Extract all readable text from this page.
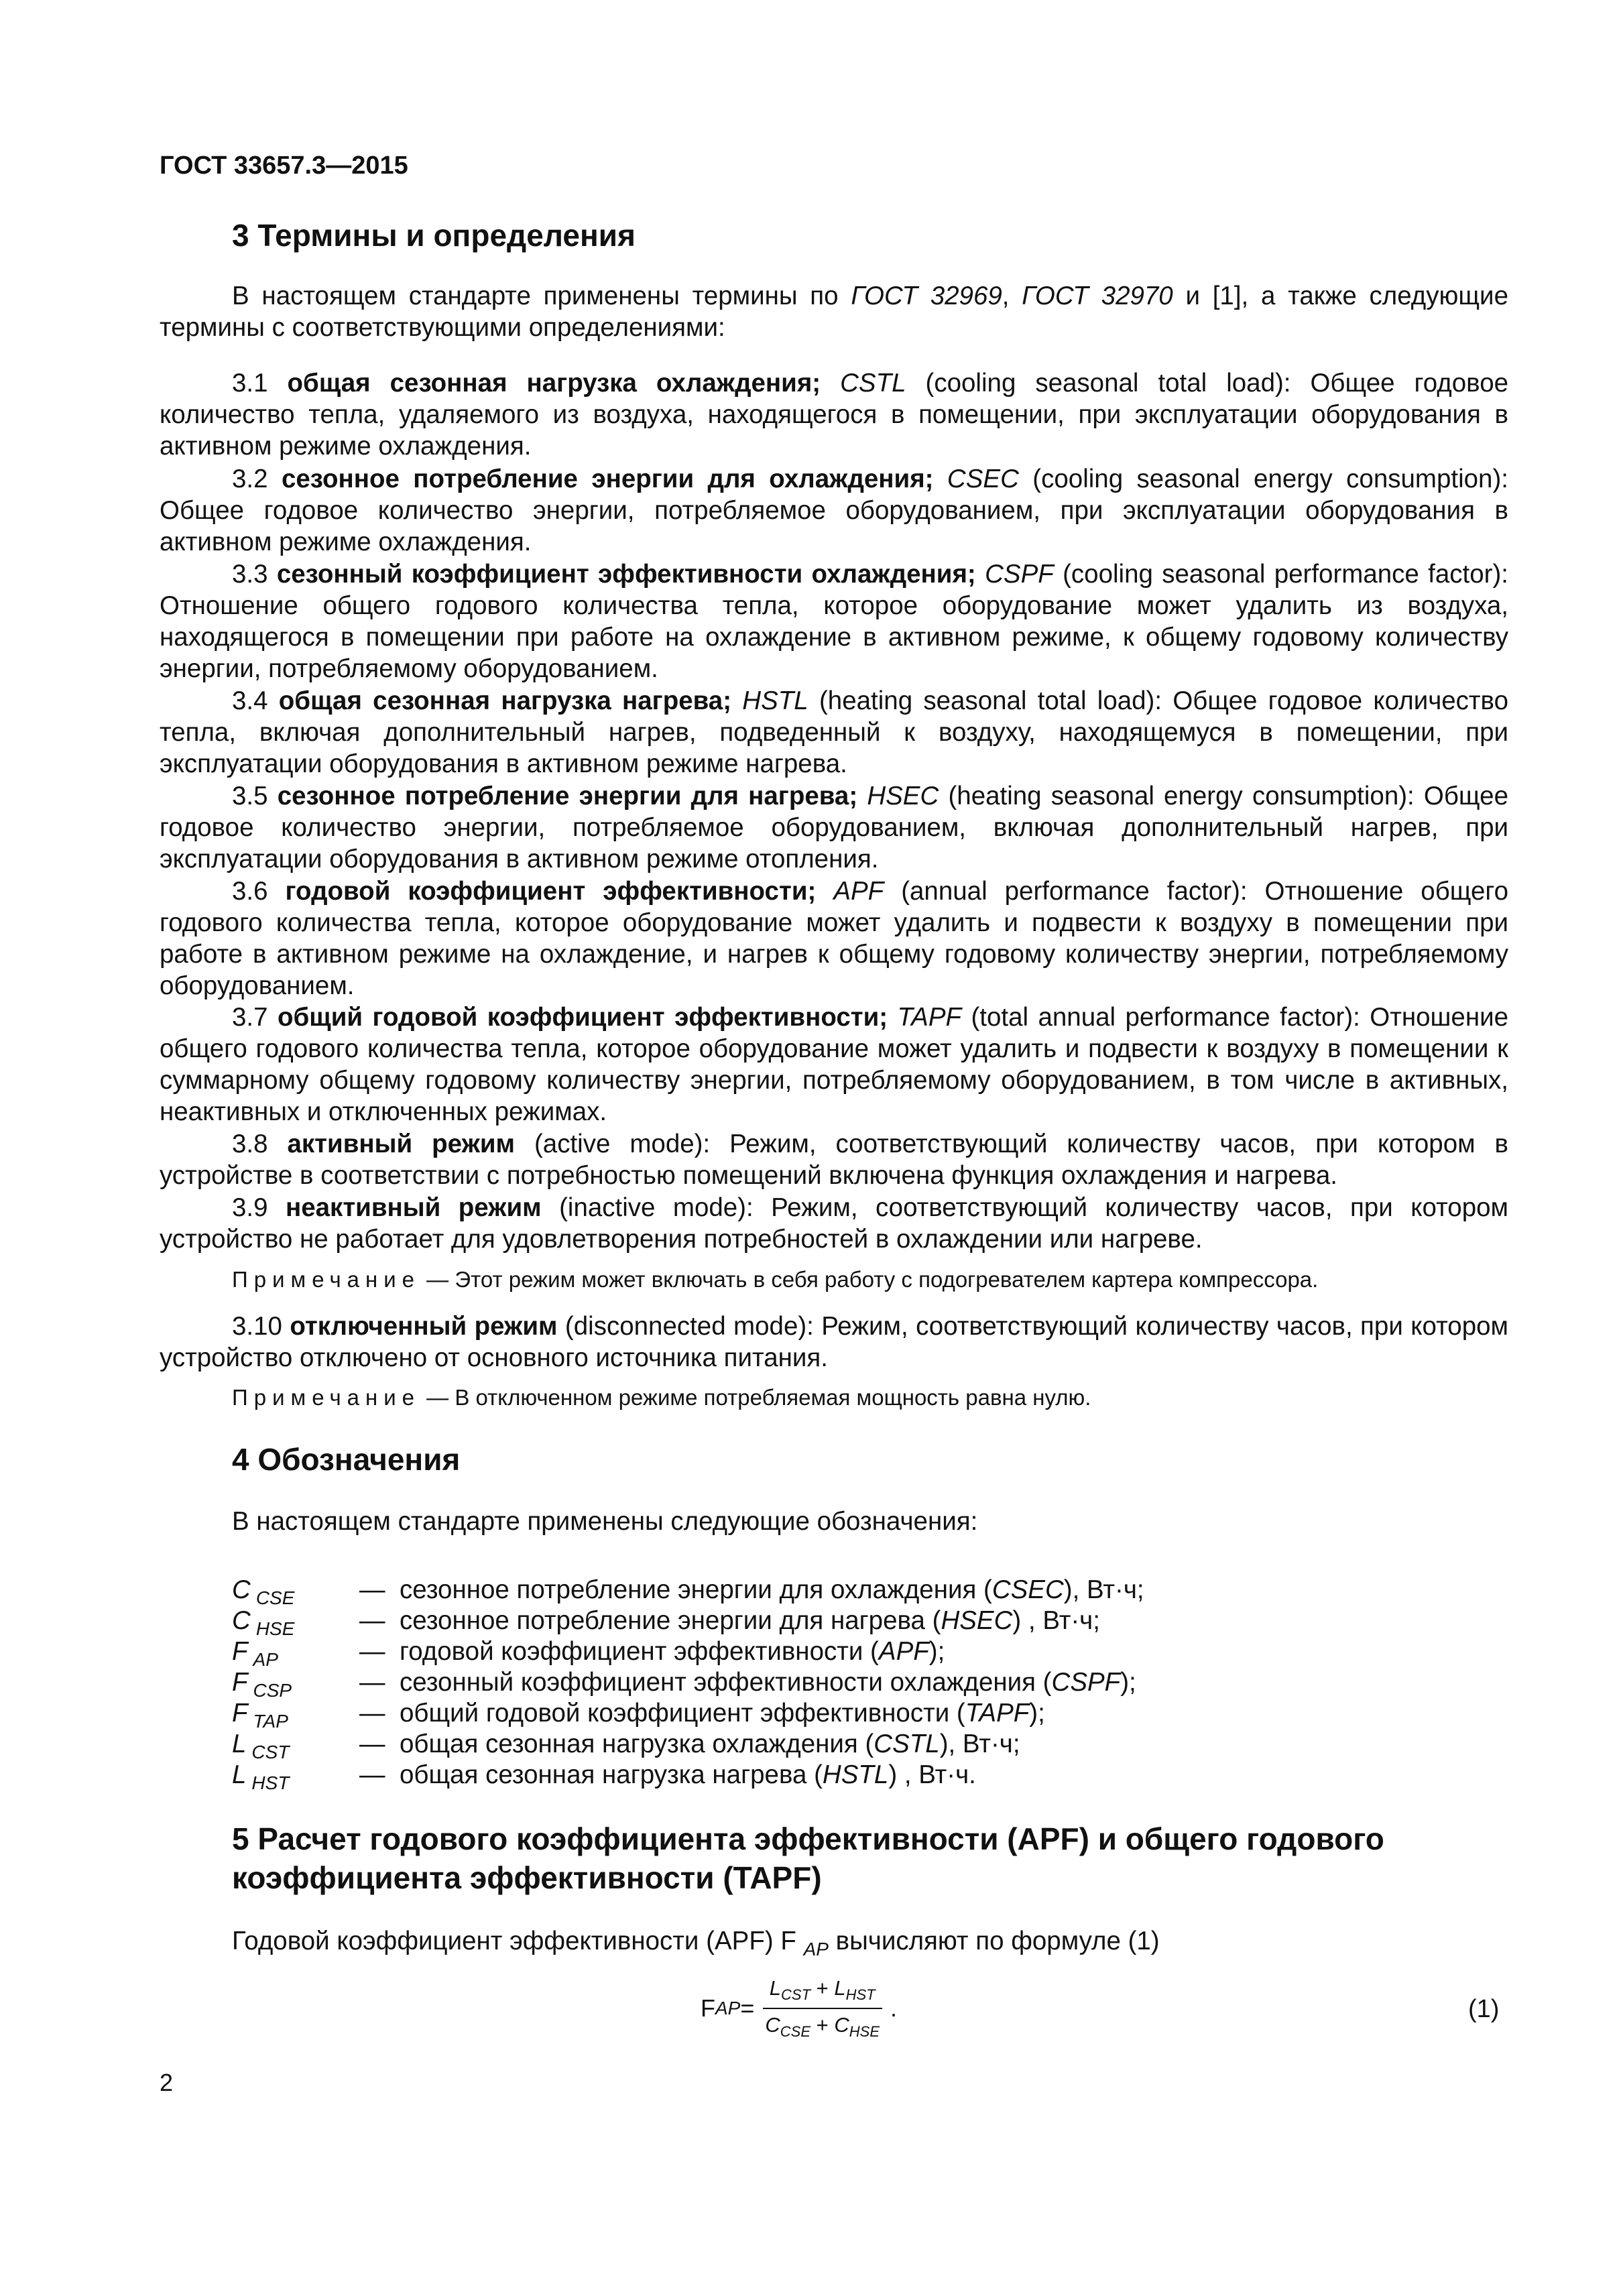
ГОСТ 33657.3—2015
3 Термины и определения
В настоящем стандарте применены термины по ГОСТ 32969, ГОСТ 32970 и [1], а также следующие термины с соответствующими определениями:
3.1 общая сезонная нагрузка охлаждения; CSTL (cooling seasonal total load): Общее годовое количество тепла, удаляемого из воздуха, находящегося в помещении, при эксплуатации оборудования в активном режиме охлаждения.
3.2 сезонное потребление энергии для охлаждения; CSEC (cooling seasonal energy consumption): Общее годовое количество энергии, потребляемое оборудованием, при эксплуатации оборудования в активном режиме охлаждения.
3.3 сезонный коэффициент эффективности охлаждения; CSPF (cooling seasonal performance factor): Отношение общего годового количества тепла, которое оборудование может удалить из воздуха, находящегося в помещении при работе на охлаждение в активном режиме, к общему годовому количеству энергии, потребляемому оборудованием.
3.4 общая сезонная нагрузка нагрева; HSTL (heating seasonal total load): Общее годовое количество тепла, включая дополнительный нагрев, подведенный к воздуху, находящемуся в помещении, при эксплуатации оборудования в активном режиме нагрева.
3.5 сезонное потребление энергии для нагрева; HSEC (heating seasonal energy consumption): Общее годовое количество энергии, потребляемое оборудованием, включая дополнительный нагрев, при эксплуатации оборудования в активном режиме отопления.
3.6 годовой коэффициент эффективности; APF (annual performance factor): Отношение общего годового количества тепла, которое оборудование может удалить и подвести к воздуху в помещении при работе в активном режиме на охлаждение, и нагрев к общему годовому количеству энергии, потребляемому оборудованием.
3.7 общий годовой коэффициент эффективности; TAPF (total annual performance factor): Отношение общего годового количества тепла, которое оборудование может удалить и подвести к воздуху в помещении к суммарному общему годовому количеству энергии, потребляемому оборудованием, в том числе в активных, неактивных и отключенных режимах.
3.8 активный режим (active mode): Режим, соответствующий количеству часов, при котором в устройстве в соответствии с потребностью помещений включена функция охлаждения и нагрева.
3.9 неактивный режим (inactive mode): Режим, соответствующий количеству часов, при котором устройство не работает для удовлетворения потребностей в охлаждении или нагреве.
Примечание — Этот режим может включать в себя работу с подогревателем картера компрессора.
3.10 отключенный режим (disconnected mode): Режим, соответствующий количеству часов, при котором устройство отключено от основного источника питания.
Примечание — В отключенном режиме потребляемая мощность равна нулю.
4 Обозначения
В настоящем стандарте применены следующие обозначения:
C $_{CSE}$	— сезонное потребление энергии для охлаждения (CSEC), Вт·ч;
C $_{HSE}$	— сезонное потребление энергии для нагрева (HSEC) , Вт·ч;
F $_{AP}$	— годовой коэффициент эффективности (APF);
F $_{CSP}$	— сезонный коэффициент эффективности охлаждения (CSPF);
F $_{TAP}$	— общий годовой коэффициент эффективности (TAPF);
L $_{CST}$	— общая сезонная нагрузка охлаждения (CSTL), Вт·ч;
L $_{HST}$	— общая сезонная нагрузка нагрева (HSTL) , Вт·ч.
5 Расчет годового коэффициента эффективности (APF) и общего годового коэффициента эффективности (TAPF)
Годовой коэффициент эффективности (APF) F $_{AP}$ вычисляют по формуле (1)
F AP = $\frac{L_{CST} + L_{HST}}{C_{CSE} + C_{HSE}}$ .	(1)
2
